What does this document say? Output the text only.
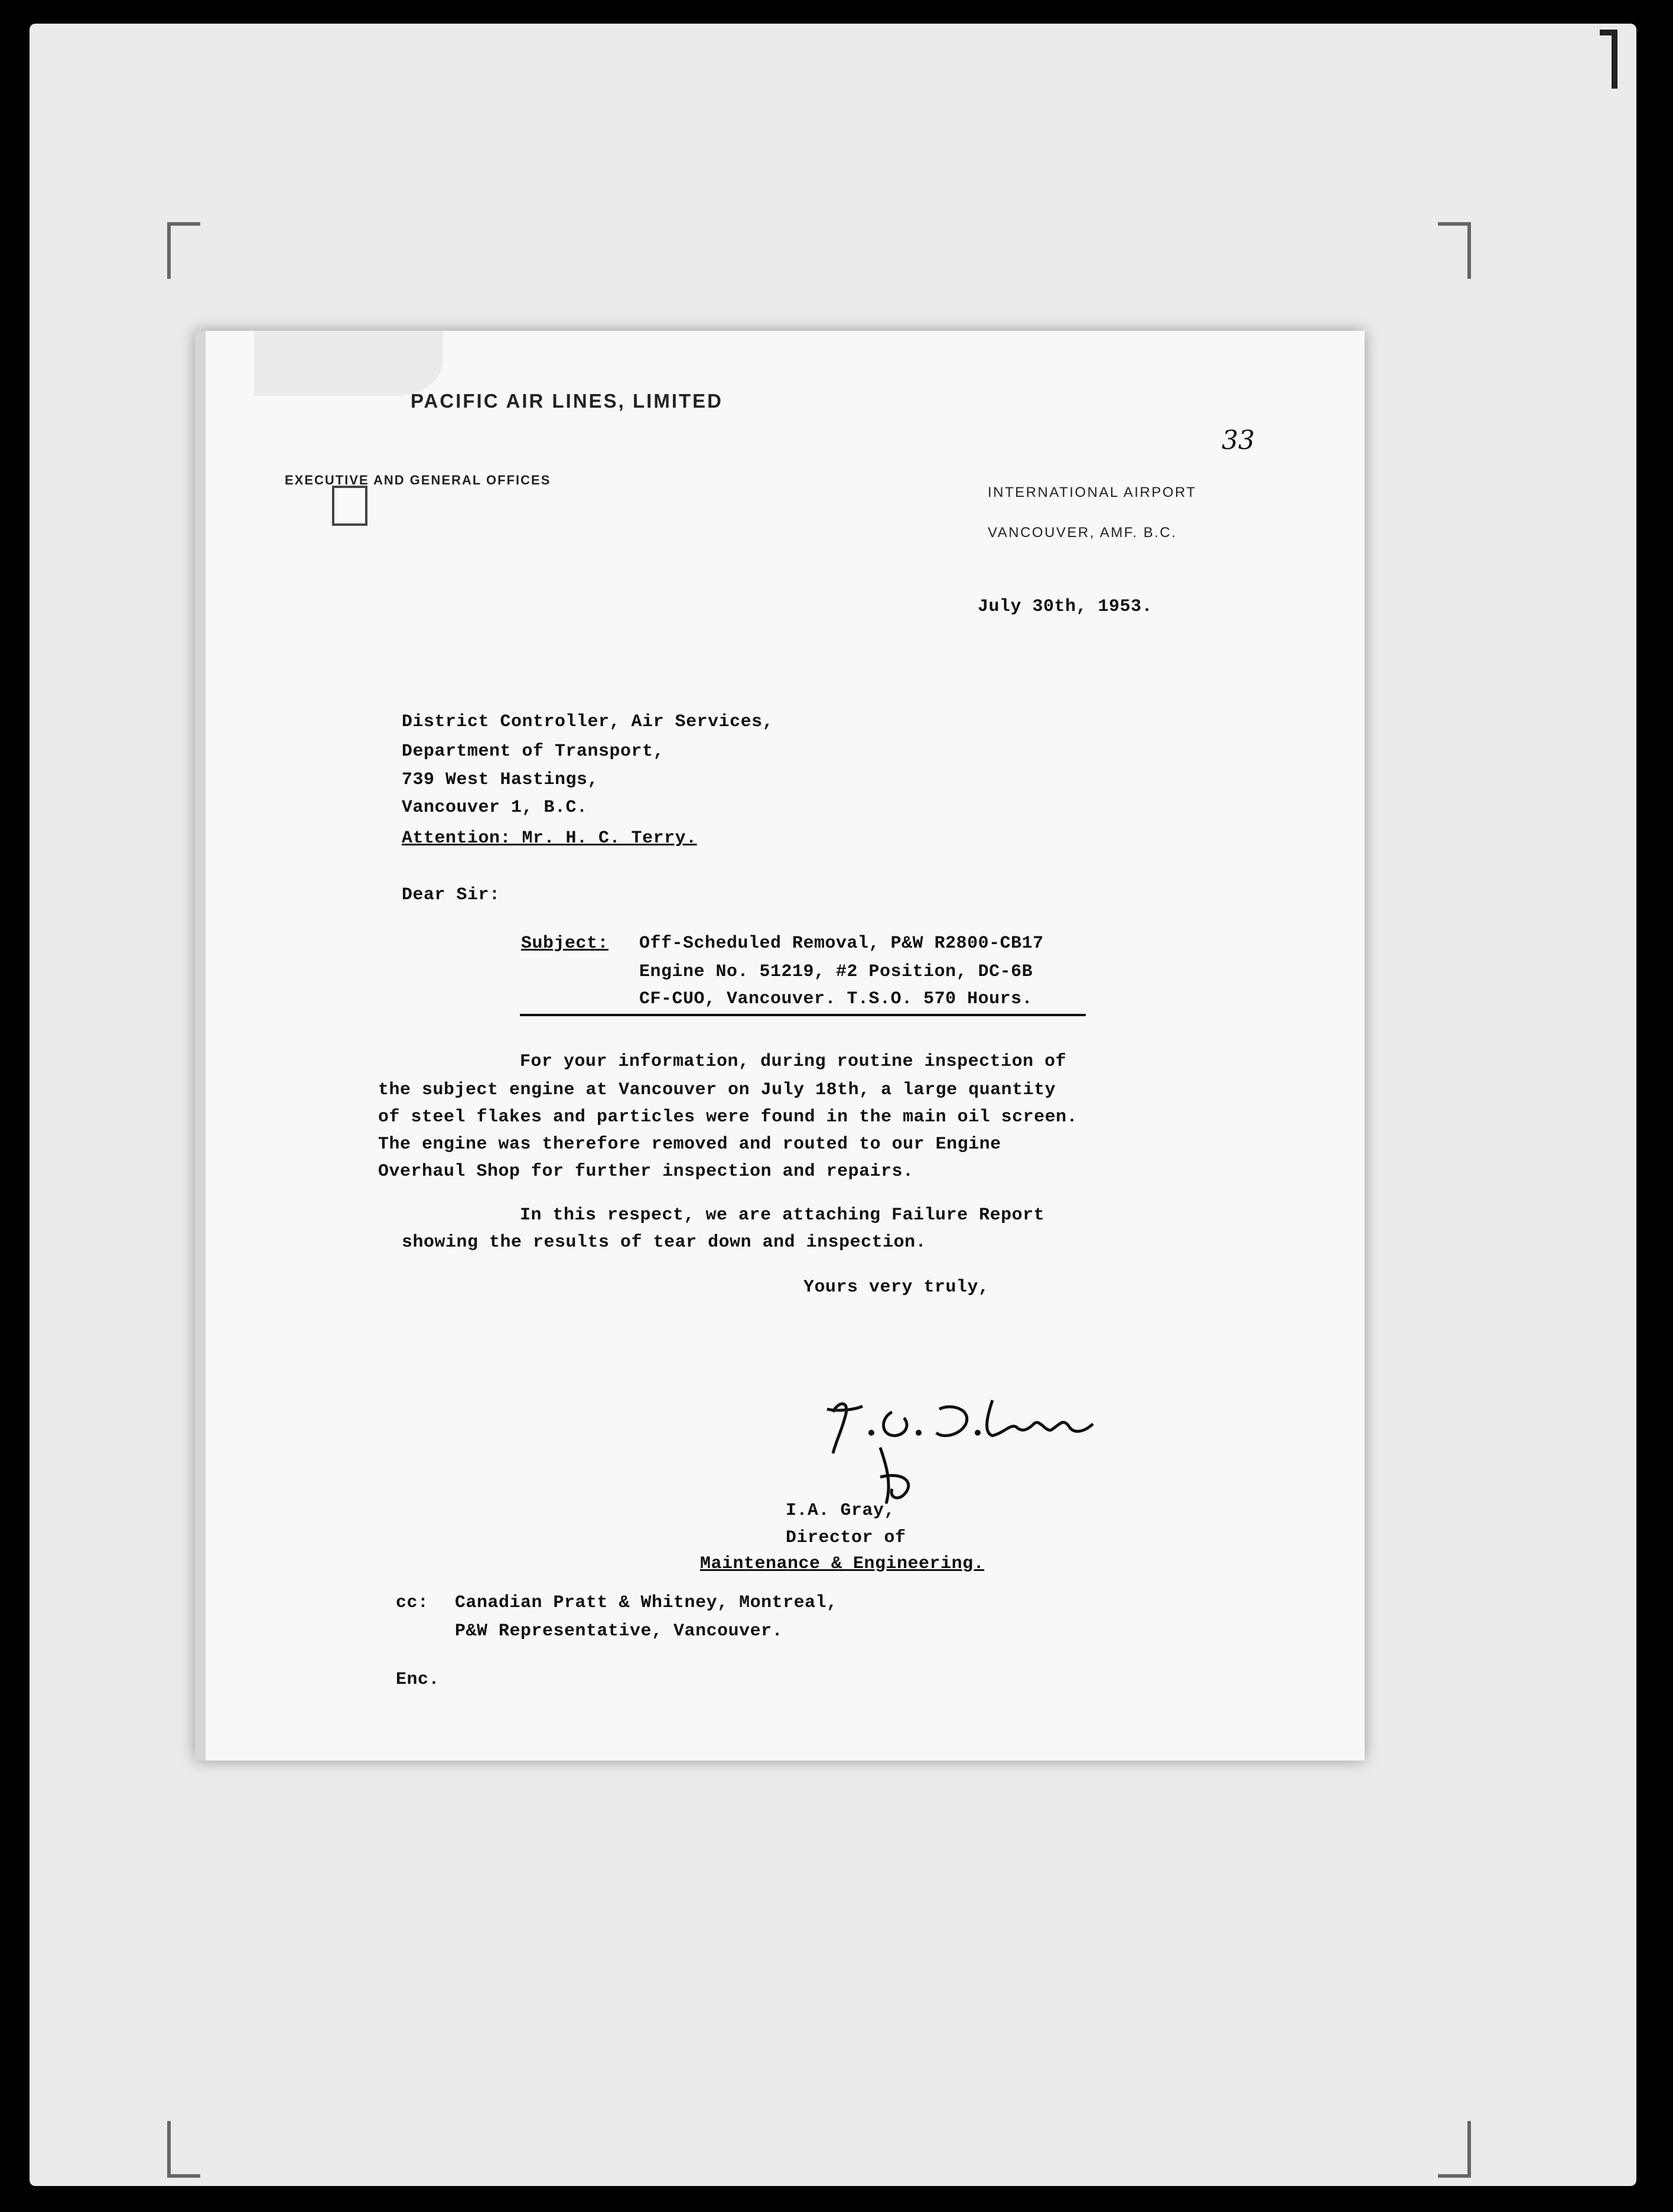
PACIFIC AIR LINES, LIMITED
EXECUTIVE AND GENERAL OFFICES
INTERNATIONAL AIRPORT
VANCOUVER, AMF. B.C.
33
July 30th, 1953.
District Controller, Air Services,
Department of Transport,
739 West Hastings,
Vancouver 1, B.C.
Attention: Mr. H. C. Terry.
Dear Sir:
Subject: Off-Scheduled Removal, P&W R2800-CB17
Engine No. 51219, #2 Position, DC-6B
CF-CUO, Vancouver. T.S.O. 570 Hours.
For your information, during routine inspection of
the subject engine at Vancouver on July 18th, a large quantity
of steel flakes and particles were found in the main oil screen.
The engine was therefore removed and routed to our Engine
Overhaul Shop for further inspection and repairs.
In this respect, we are attaching Failure Report
showing the results of tear down and inspection.
Yours very truly,
I.A. Gray,
Director of
Maintenance & Engineering.
cc: Canadian Pratt & Whitney, Montreal,
P&W Representative, Vancouver.
Enc.
